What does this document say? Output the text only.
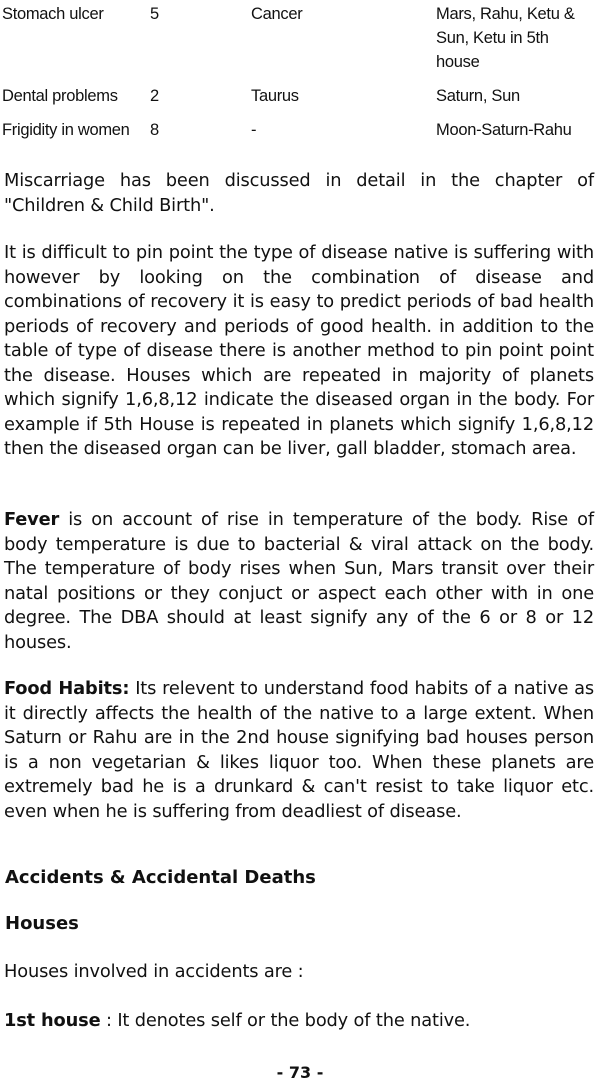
Stomach ulcer	5	Cancer	Mars, Rahu, Ketu & Sun, Ketu in 5th house
Dental problems	2	Taurus	Saturn, Sun
Frigidity in women	8	-	Moon-Saturn-Rahu

Miscarriage has been discussed in detail in the chapter of "Children & Child Birth".

It is difficult to pin point the type of disease native is suffering with however by looking on the combination of disease and combinations of recovery it is easy to predict periods of bad health periods of recovery and periods of good health. in addition to the table of type of disease there is another method to pin point point the disease. Houses which are repeated in majority of planets which signify 1,6,8,12 indicate the diseased organ in the body. For example if 5th House is repeated in planets which signify 1,6,8,12 then the diseased organ can be liver, gall bladder, stomach area.

Fever is on account of rise in temperature of the body. Rise of body temperature is due to bacterial & viral attack on the body. The temperature of body rises when Sun, Mars transit over their natal positions or they conjuct or aspect each other with in one degree. The DBA should at least signify any of the 6 or 8 or 12 houses.

Food Habits: Its relevent to understand food habits of a native as it directly affects the health of the native to a large extent. When Saturn or Rahu are in the 2nd house signifying bad houses person is a non vegetarian & likes liquor too. When these planets are extremely bad he is a drunkard & can't resist to take liquor etc. even when he is suffering from deadliest of disease.

Accidents & Accidental Deaths
Houses

Houses involved in accidents are :

1st house : It denotes self or the body of the native.

- 73 -
